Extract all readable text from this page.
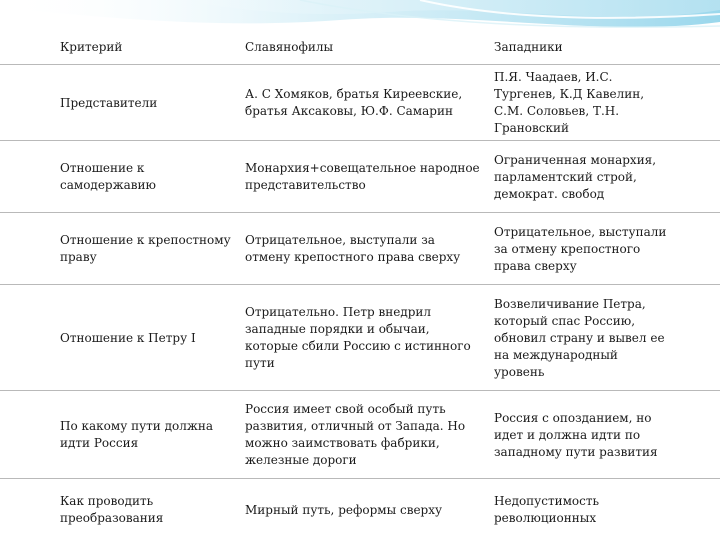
Критерий	Славянофилы	Западники
Представители
А. С Хомяков, братья Киреевские, братья Аксаковы, Ю.Ф. Самарин
П.Я. Чаадаев, И.С. Тургенев, К.Д Кавелин, С.М. Соловьев, Т.Н. Грановский
Отношение к самодержавию
Монархия+совещательное народное представительство
Ограниченная монархия, парламентский строй, демократ. свобод
Отношение к крепостному праву
Отрицательное, выступали за отмену крепостного права сверху
Отрицательное, выступали за отмену крепостного права сверху
Отношение к Петру I
Отрицательно. Петр внедрил западные порядки и обычаи, которые сбили Россию с истинного пути
Возвеличивание Петра, который спас Россию, обновил страну и вывел ее на международный уровень
По какому пути должна идти Россия
Россия имеет свой особый путь развития, отличный от Запада. Но можно заимствовать фабрики, железные дороги
Россия с опозданием, но идет и должна идти по западному пути развития
Как проводить преобразования
Мирный путь, реформы сверху
Недопустимость революционных
